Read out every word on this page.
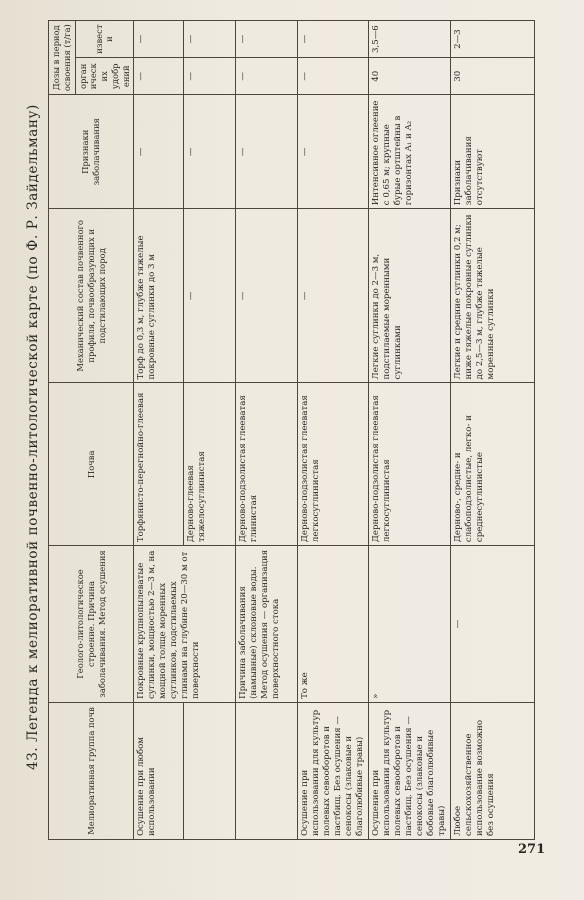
43. Легенда к мелиоративной почвенно-литологической карте (по Ф. Р. Зайдельману)
Мелиоративная группа почв	Геолого-литологическое строение. Причина заболачивания. Метод осушения	Почва	Механический состав почвенного профиля, почвообразующих и подстилающих пород	Признаки заболачивания	Дозы в период освоения (т/га)	
					органических удобрений	извести
Осушение при любом использовании	Покровные крупнопылеватые суглинки, мощностью 2—3 м, на мощной толще моренных суглинков, подстилаемых глинами на глубине 20—30 м от поверхности	Торфянисто-перегнойно-глеевая	Торф до 0,3 м, глубже тяжелые покровные суглинки до 3 м	—	—	—
		Дерново-глеевая тяжелосуглинистая	—	—	—	—
	Причина заболачивания (намывные) склоновые воды. Метод осушения — организация поверхностного стока	Дерново-подзолистая глееватая глинистая	—	—	—	—
Осушение при использовании для культур полевых севооборотов и пастбищ. Без осушения — сенокосы (злаковые и благолюбивые травы)	То же	Дерново-подзолистая глееватая легкосуглинистая	—	—	—	—
Осушение при использовании для культур полевых севооборотов и пастбищ. Без осушения — сенокосы (злаковые и бобовые благолюбивые травы)	»	Дерново-подзолистая глееватая легкосуглинистая	Легкие суглинки до 2—3 м, подстилаемые моренными суглинками	Интенсивное оглеение с 0,65 м; крупные бурые ортштейны в горизонтах A₁ и A₂	40	3,5—6
Любое сельскохозяйственное использование возможно без осушения	—	Дерново-, средне- и слабоподзолистые, легко- и среднесуглинистые	Легкие и средние суглинки 0,2 м; ниже тяжелые покровные суглинки до 2,5—3 м, глубже тяжелые моренные суглинки	Признаки заболачивания отсутствуют	30	2—3
271
